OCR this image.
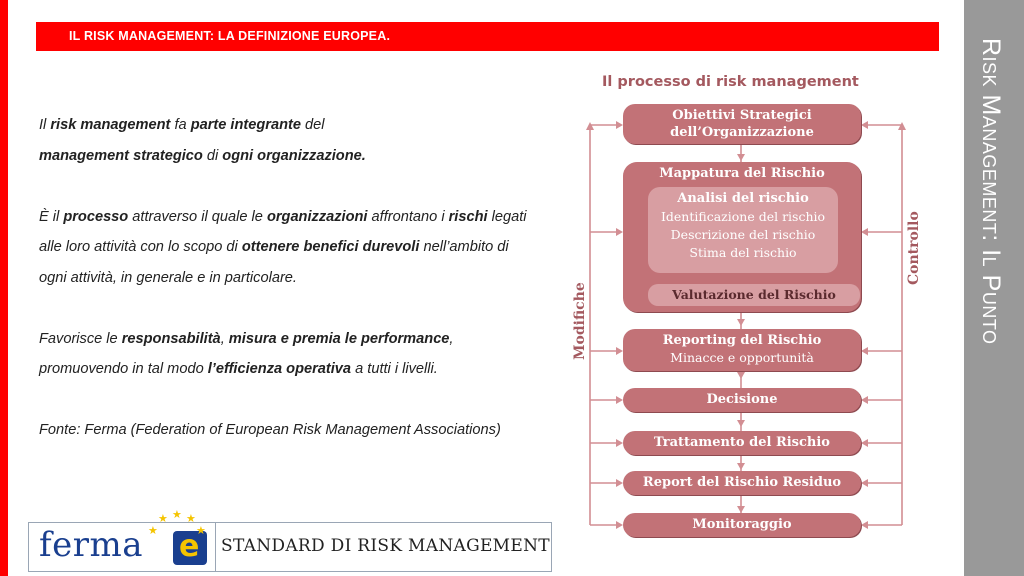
IL RISK MANAGEMENT: LA DEFINIZIONE EUROPEA.
Risk Management: Il Punto

Il risk management fa parte integrante del
management strategico di ogni organizzazione.

È il processo attraverso il quale le organizzazioni affrontano i rischi legati alle loro attività con lo scopo di ottenere benefici durevoli nell’ambito di ogni attività, in generale e in particolare.

Favorisce le responsabilità, misura e premia le performance, promuovendo in tal modo l’efficienza operativa a tutti i livelli.

Fonte: Ferma (Federation of European Risk Management Associations)

Il processo di risk management
Obiettivi Strategici
dell’Organizzazione
Mappatura del Rischio
Analisi del rischio
Identificazione del rischio
Descrizione del rischio
Stima del rischio
Valutazione del Rischio
Reporting del Rischio
Minacce e opportunità
Decisione
Trattamento del Rischio
Report del Rischio Residuo
Monitoraggio
Modifiche
Controllo
ferma e STANDARD DI RISK MANAGEMENT
★ ★ ★
★
★
